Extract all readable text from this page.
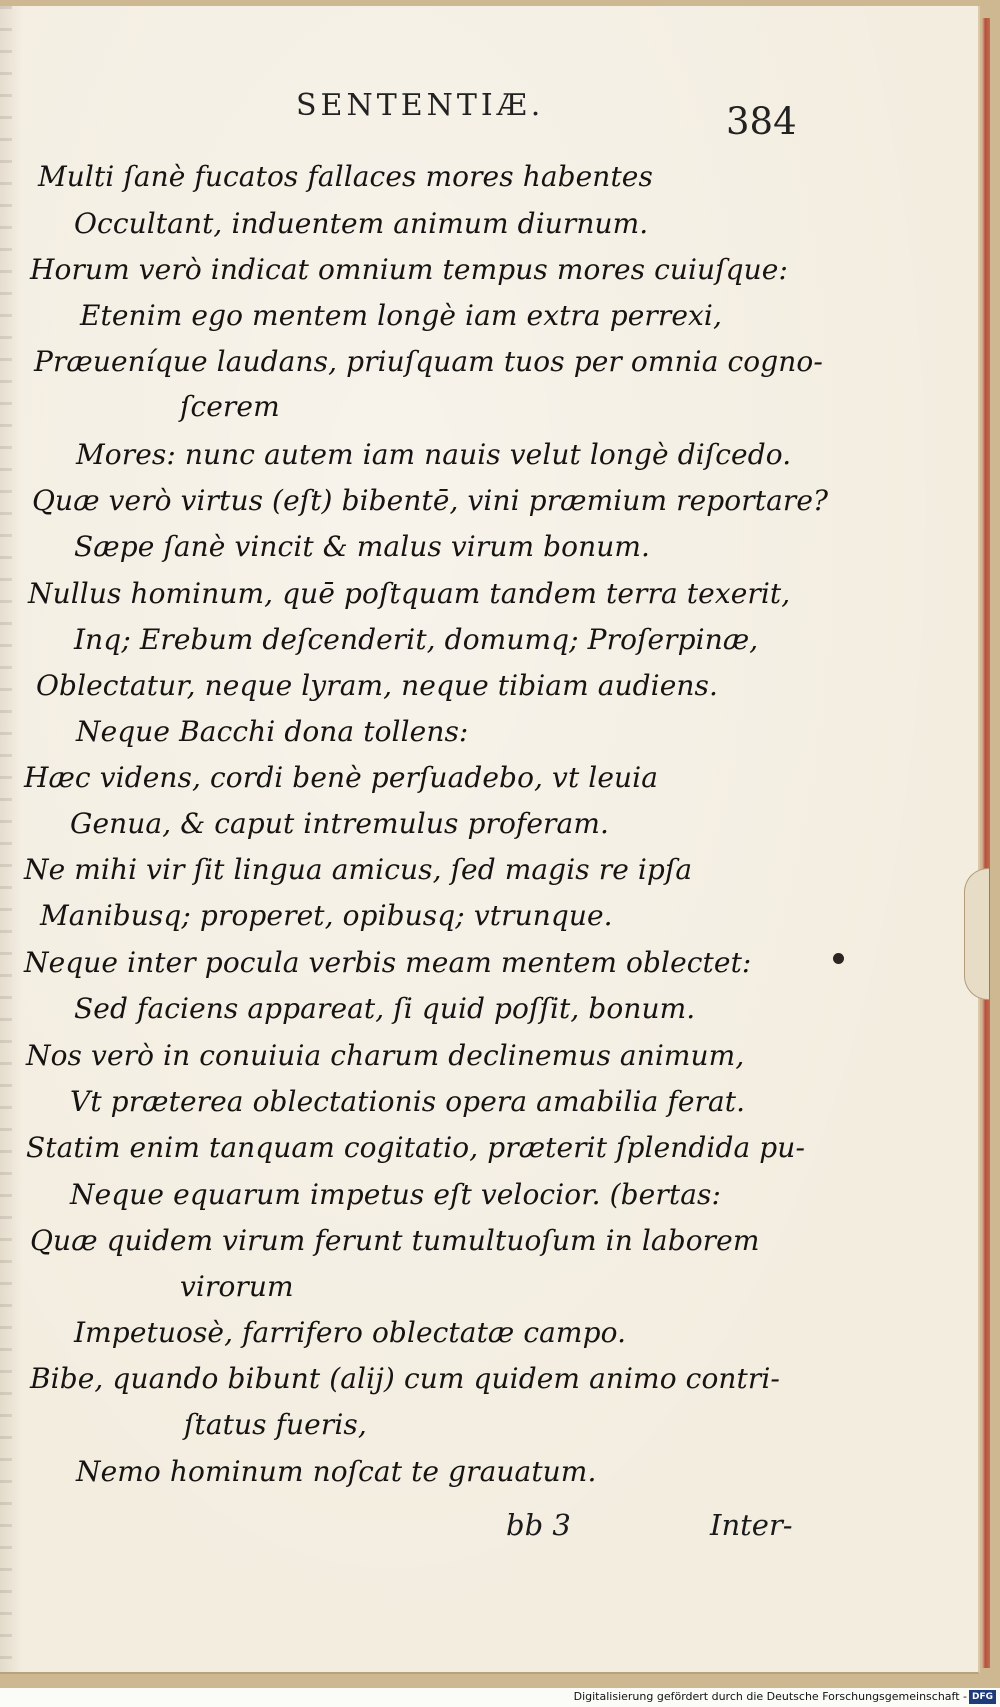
SENTENTIÆ.	384
Multi ſanè fucatos fallaces mores habentes
Occultant, induentem animum diurnum.
Horum verò indicat omnium tempus mores cuiuſque:
Etenim ego mentem longè iam extra perrexi,
Præueníque laudans, priuſquam tuos per omnia cogno-
ſcerem
Mores: nunc autem iam nauis velut longè diſcedo.
Quæ verò virtus (eſt) bibentē, vini præmium reportare?
Sæpe ſanè vincit & malus virum bonum.
Nullus hominum, quē poſtquam tandem terra texerit,
Inq; Erebum deſcenderit, domumq; Proſerpinæ,
Oblectatur, neque lyram, neque tibiam audiens.
Neque Bacchi dona tollens:
Hæc videns, cordi benè perſuadebo, vt leuia
Genua, & caput intremulus proferam.
Ne mihi vir ſit lingua amicus, ſed magis re ipſa
Manibusq; properet, opibusq; vtrunque.
Neque inter pocula verbis meam mentem oblectet:
Sed faciens appareat, ſi quid poſſit, bonum.
Nos verò in conuiuia charum declinemus animum,
Vt præterea oblectationis opera amabilia ferat.
Statim enim tanquam cogitatio, præterit ſplendida pu-
Neque equarum impetus eſt velocior. (bertas:
Quæ quidem virum ferunt tumultuoſum in laborem
virorum
Impetuosè, farrifero oblectatæ campo.
Bibe, quando bibunt (alij) cum quidem animo contri-
ſtatus fueris,
Nemo hominum noſcat te grauatum.
bb 3	Inter-
Digitalisierung gefördert durch die Deutsche Forschungsgemeinschaft - DFG
